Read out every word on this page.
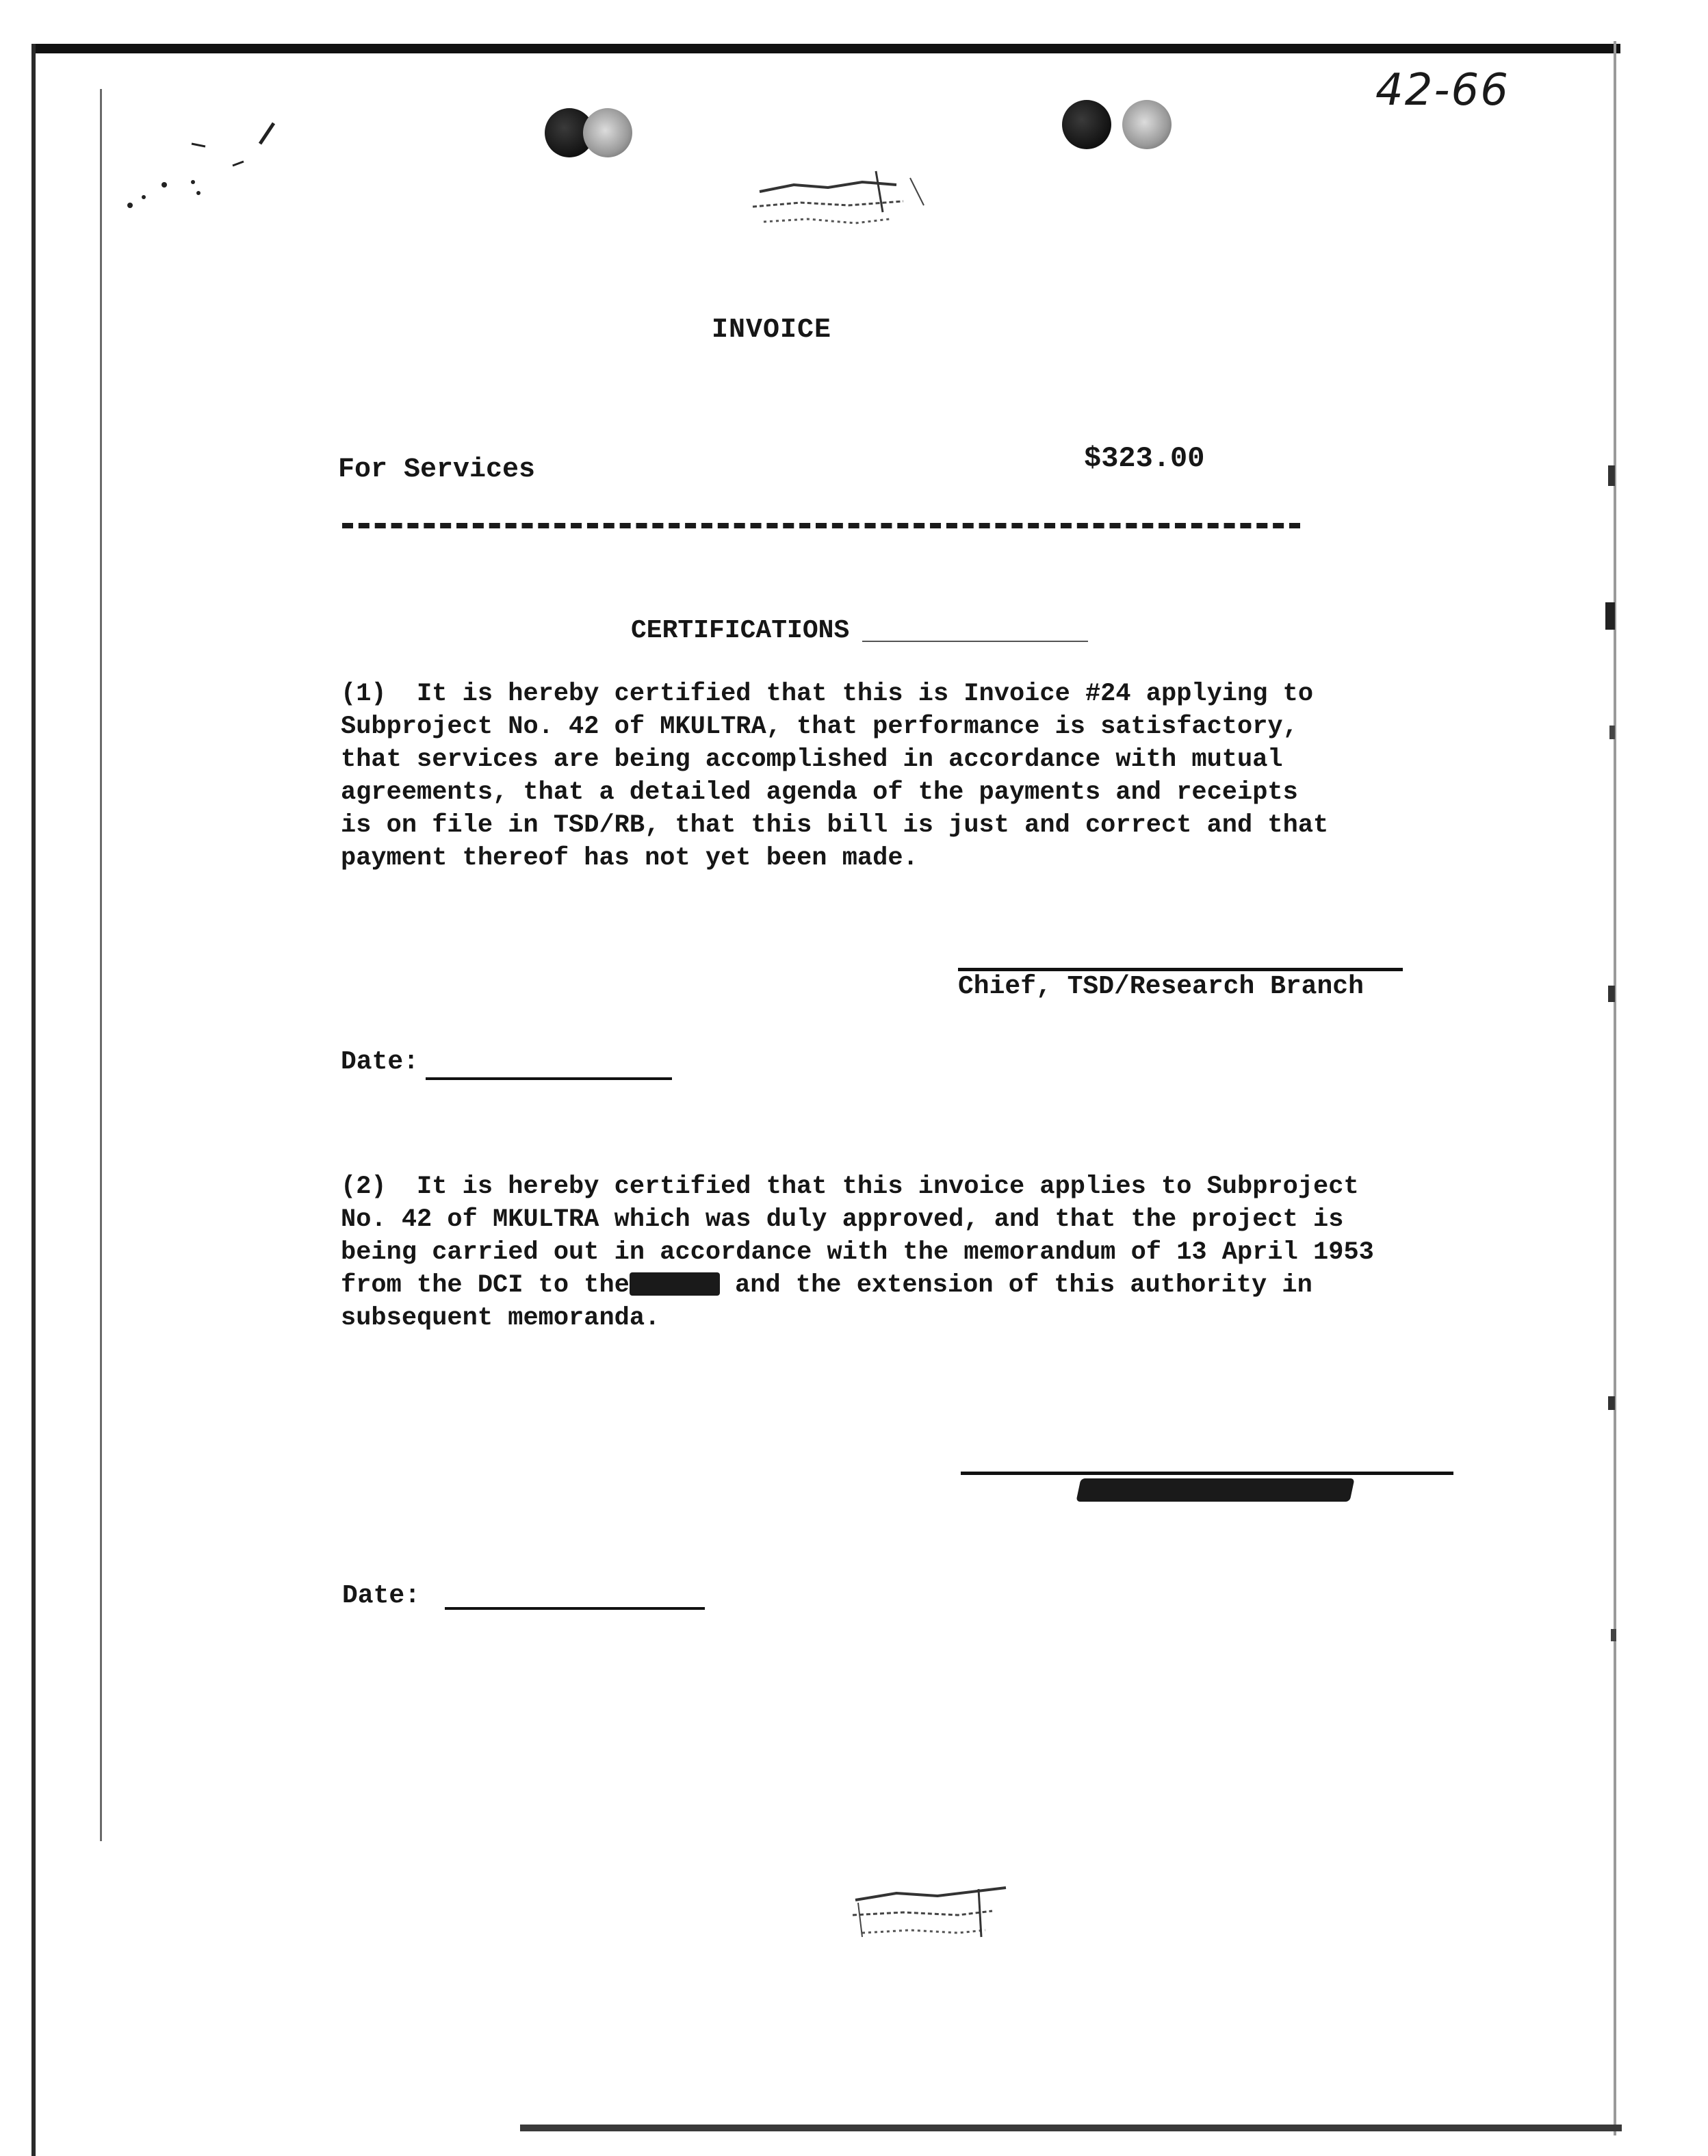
42-66
INVOICE
For Services	$323.00
CERTIFICATIONS
(1)  It is hereby certified that this is Invoice #24 applying to
Subproject No. 42 of MKULTRA, that performance is satisfactory,
that services are being accomplished in accordance with mutual
agreements, that a detailed agenda of the payments and receipts
is on file in TSD/RB, that this bill is just and correct and that
payment thereof has not yet been made.
Chief, TSD/Research Branch
Date:
(2)  It is hereby certified that this invoice applies to Subproject
No. 42 of MKULTRA which was duly approved, and that the project is
being carried out in accordance with the memorandum of 13 April 1953
from the DCI to the	and the extension of this authority in
subsequent memoranda.
Date:
